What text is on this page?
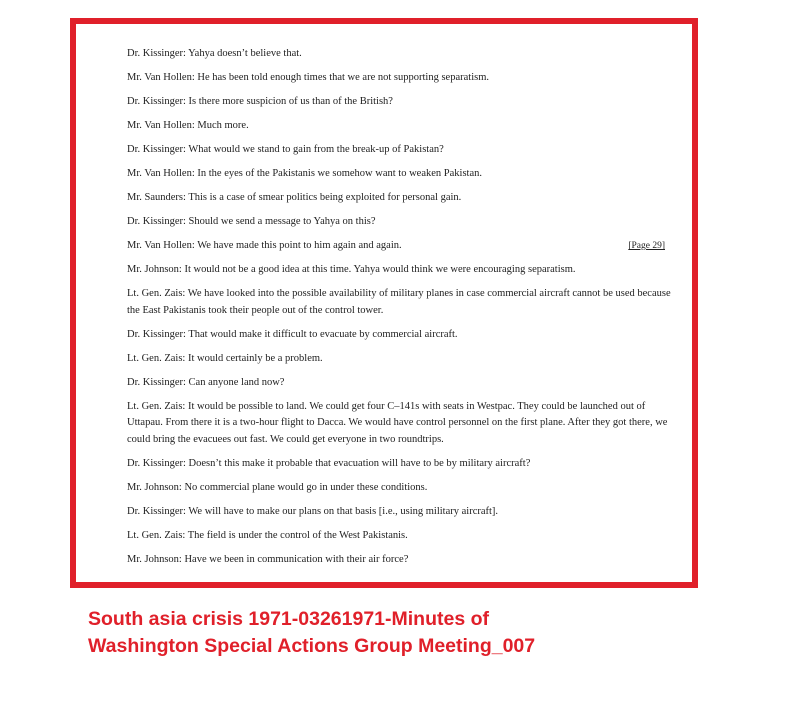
Dr. Kissinger: Yahya doesn’t believe that.
Mr. Van Hollen: He has been told enough times that we are not supporting separatism.
Dr. Kissinger: Is there more suspicion of us than of the British?
Mr. Van Hollen: Much more.
Dr. Kissinger: What would we stand to gain from the break-up of Pakistan?
Mr. Van Hollen: In the eyes of the Pakistanis we somehow want to weaken Pakistan.
Mr. Saunders: This is a case of smear politics being exploited for personal gain.
Dr. Kissinger: Should we send a message to Yahya on this?
Mr. Van Hollen: We have made this point to him again and again.	[Page 29]
Mr. Johnson: It would not be a good idea at this time. Yahya would think we were encouraging separatism.
Lt. Gen. Zais: We have looked into the possible availability of military planes in case commercial aircraft cannot be used because the East Pakistanis took their people out of the control tower.
Dr. Kissinger: That would make it difficult to evacuate by commercial aircraft.
Lt. Gen. Zais: It would certainly be a problem.
Dr. Kissinger: Can anyone land now?
Lt. Gen. Zais: It would be possible to land. We could get four C–141s with seats in Westpac. They could be launched out of Uttapau. From there it is a two-hour flight to Dacca. We would have control personnel on the first plane. After they got there, we could bring the evacuees out fast. We could get everyone in two roundtrips.
Dr. Kissinger: Doesn’t this make it probable that evacuation will have to be by military aircraft?
Mr. Johnson: No commercial plane would go in under these conditions.
Dr. Kissinger: We will have to make our plans on that basis [i.e., using military aircraft].
Lt. Gen. Zais: The field is under the control of the West Pakistanis.
Mr. Johnson: Have we been in communication with their air force?
South asia crisis 1971-03261971-Minutes of
Washington Special Actions Group Meeting_007
